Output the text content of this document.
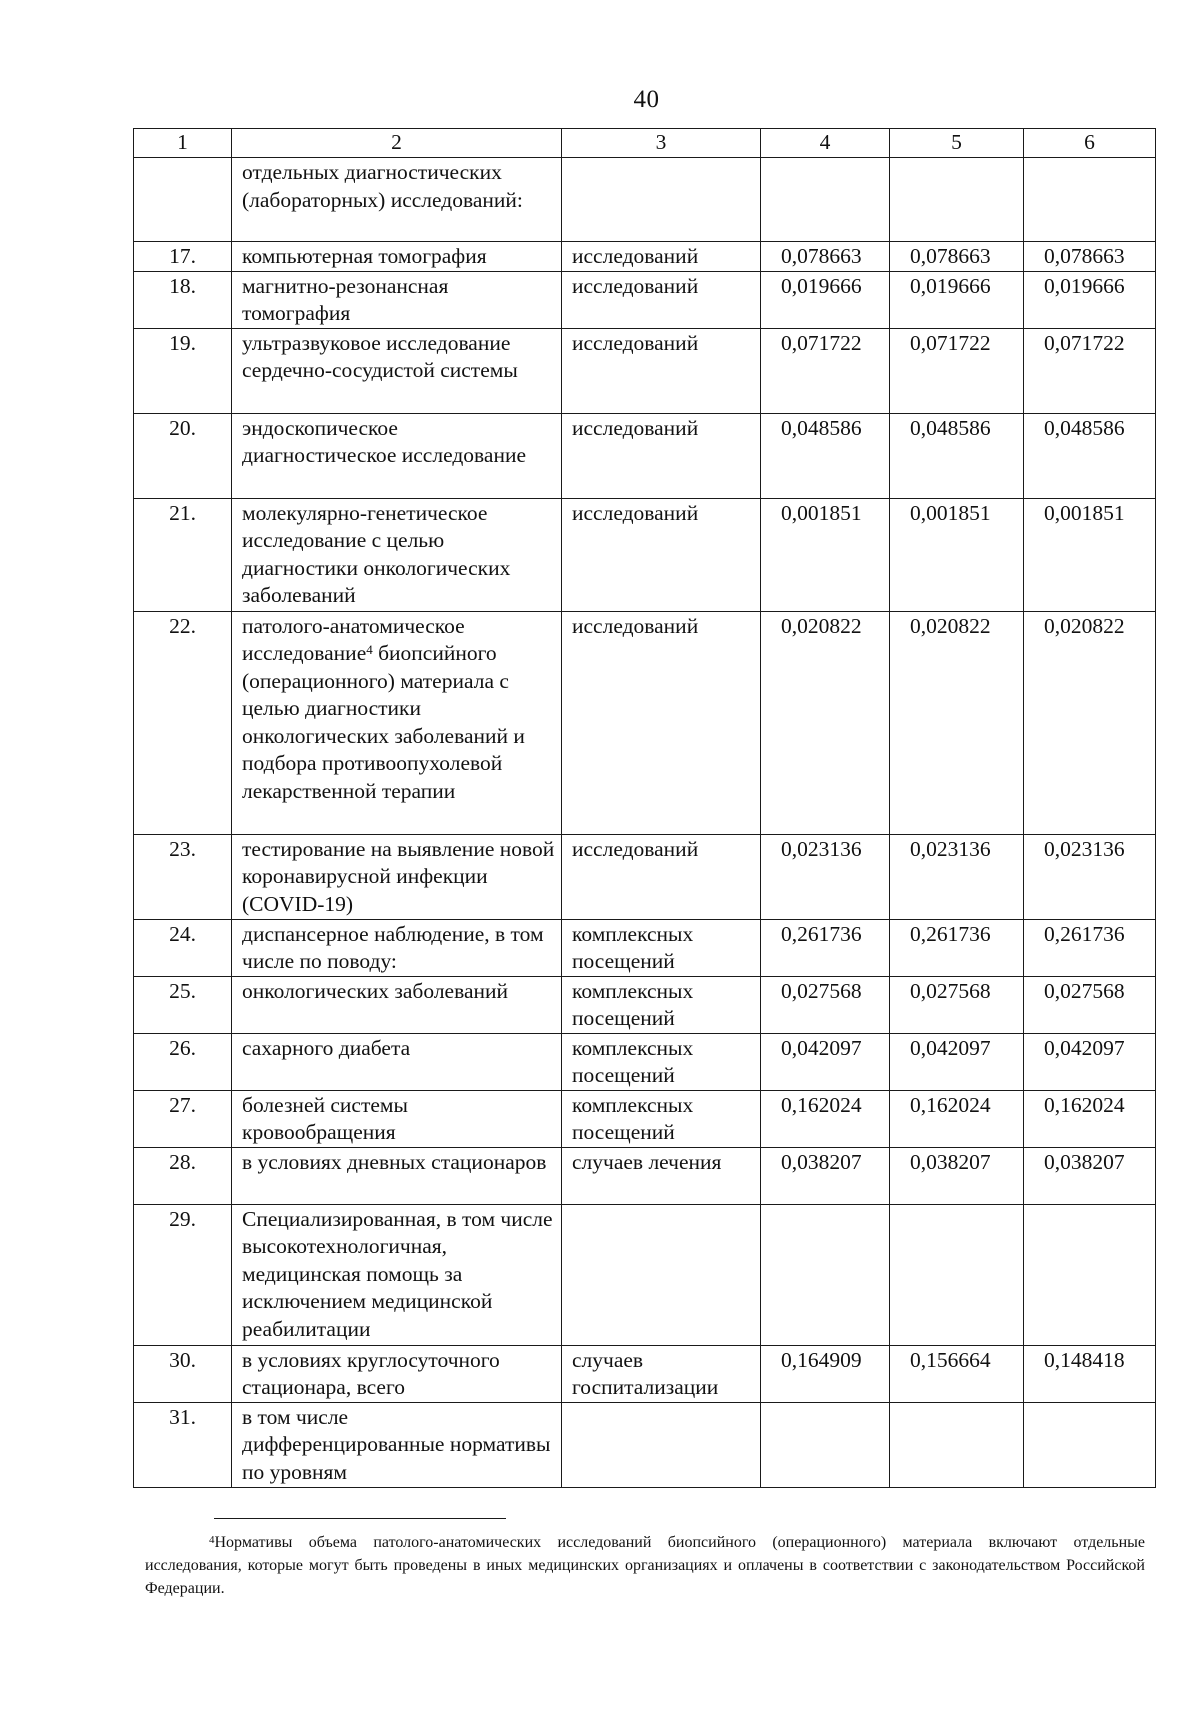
40
1	2	3	4	5	6
	отдельных диагностических (лабораторных) исследований:				
17.	компьютерная томография	исследований	0,078663	0,078663	0,078663
18.	магнитно-резонансная томография	исследований	0,019666	0,019666	0,019666
19.	ультразвуковое исследование сердечно-сосудистой системы	исследований	0,071722	0,071722	0,071722
20.	эндоскопическое диагностическое исследование	исследований	0,048586	0,048586	0,048586
21.	молекулярно-генетическое исследование с целью диагностики онкологических заболеваний	исследований	0,001851	0,001851	0,001851
22.	патолого-анатомическое исследование$^4$ биопсийного (операционного) материала с целью диагностики онкологических заболеваний и подбора противоопухолевой лекарственной терапии	исследований	0,020822	0,020822	0,020822
23.	тестирование на выявление новой коронавирусной инфекции (COVID-19)	исследований	0,023136	0,023136	0,023136
24.	диспансерное наблюдение, в том числе по поводу:	комплексных посещений	0,261736	0,261736	0,261736
25.	онкологических заболеваний	комплексных посещений	0,027568	0,027568	0,027568
26.	сахарного диабета	комплексных посещений	0,042097	0,042097	0,042097
27.	болезней системы кровообращения	комплексных посещений	0,162024	0,162024	0,162024
28.	в условиях дневных стационаров	случаев лечения	0,038207	0,038207	0,038207
29.	Специализированная, в том числе высокотехнологичная, медицинская помощь за исключением медицинской реабилитации				
30.	в условиях круглосуточного стационара, всего	случаев госпитализации	0,164909	0,156664	0,148418
31.	в том числе дифференцированные нормативы по уровням				
$^4$Нормативы объема патолого-анатомических исследований биопсийного (операционного) материала включают отдельные исследования, которые могут быть проведены в иных медицинских организациях и оплачены в соответствии с законодательством Российской Федерации.
